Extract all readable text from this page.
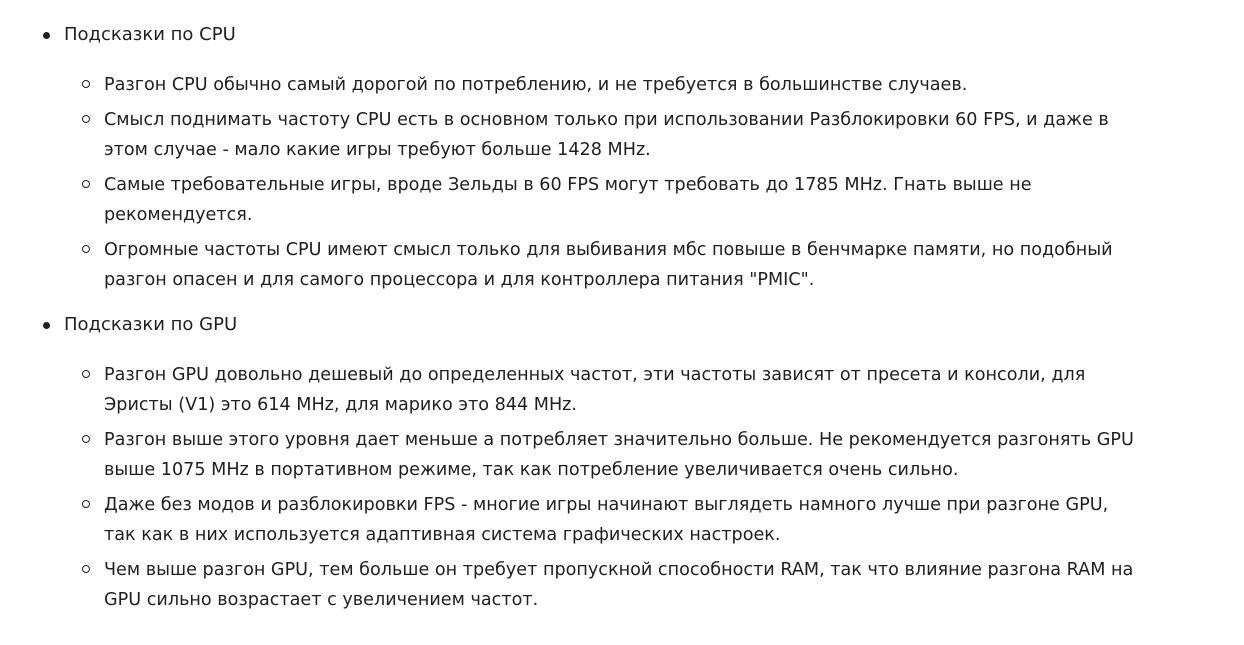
Подсказки по CPU
Разгон CPU обычно самый дорогой по потреблению, и не требуется в большинстве случаев.
Смысл поднимать частоту CPU есть в основном только при использовании Разблокировки 60 FPS, и даже в этом случае - мало какие игры требуют больше 1428 MHz.
Самые требовательные игры, вроде Зельды в 60 FPS могут требовать до 1785 MHz. Гнать выше не рекомендуется.
Огромные частоты CPU имеют смысл только для выбивания мбс повыше в бенчмарке памяти, но подобный разгон опасен и для самого процессора и для контроллера питания "PMIC".
Подсказки по GPU
Разгон GPU довольно дешевый до определенных частот, эти частоты зависят от пресета и консоли, для Эристы (V1) это 614 MHz, для марико это 844 MHz.
Разгон выше этого уровня дает меньше а потребляет значительно больше. Не рекомендуется разгонять GPU выше 1075 MHz в портативном режиме, так как потребление увеличивается очень сильно.
Даже без модов и разблокировки FPS - многие игры начинают выглядеть намного лучше при разгоне GPU, так как в них используется адаптивная система графических настроек.
Чем выше разгон GPU, тем больше он требует пропускной способности RAM, так что влияние разгона RAM на GPU сильно возрастает с увеличением частот.
